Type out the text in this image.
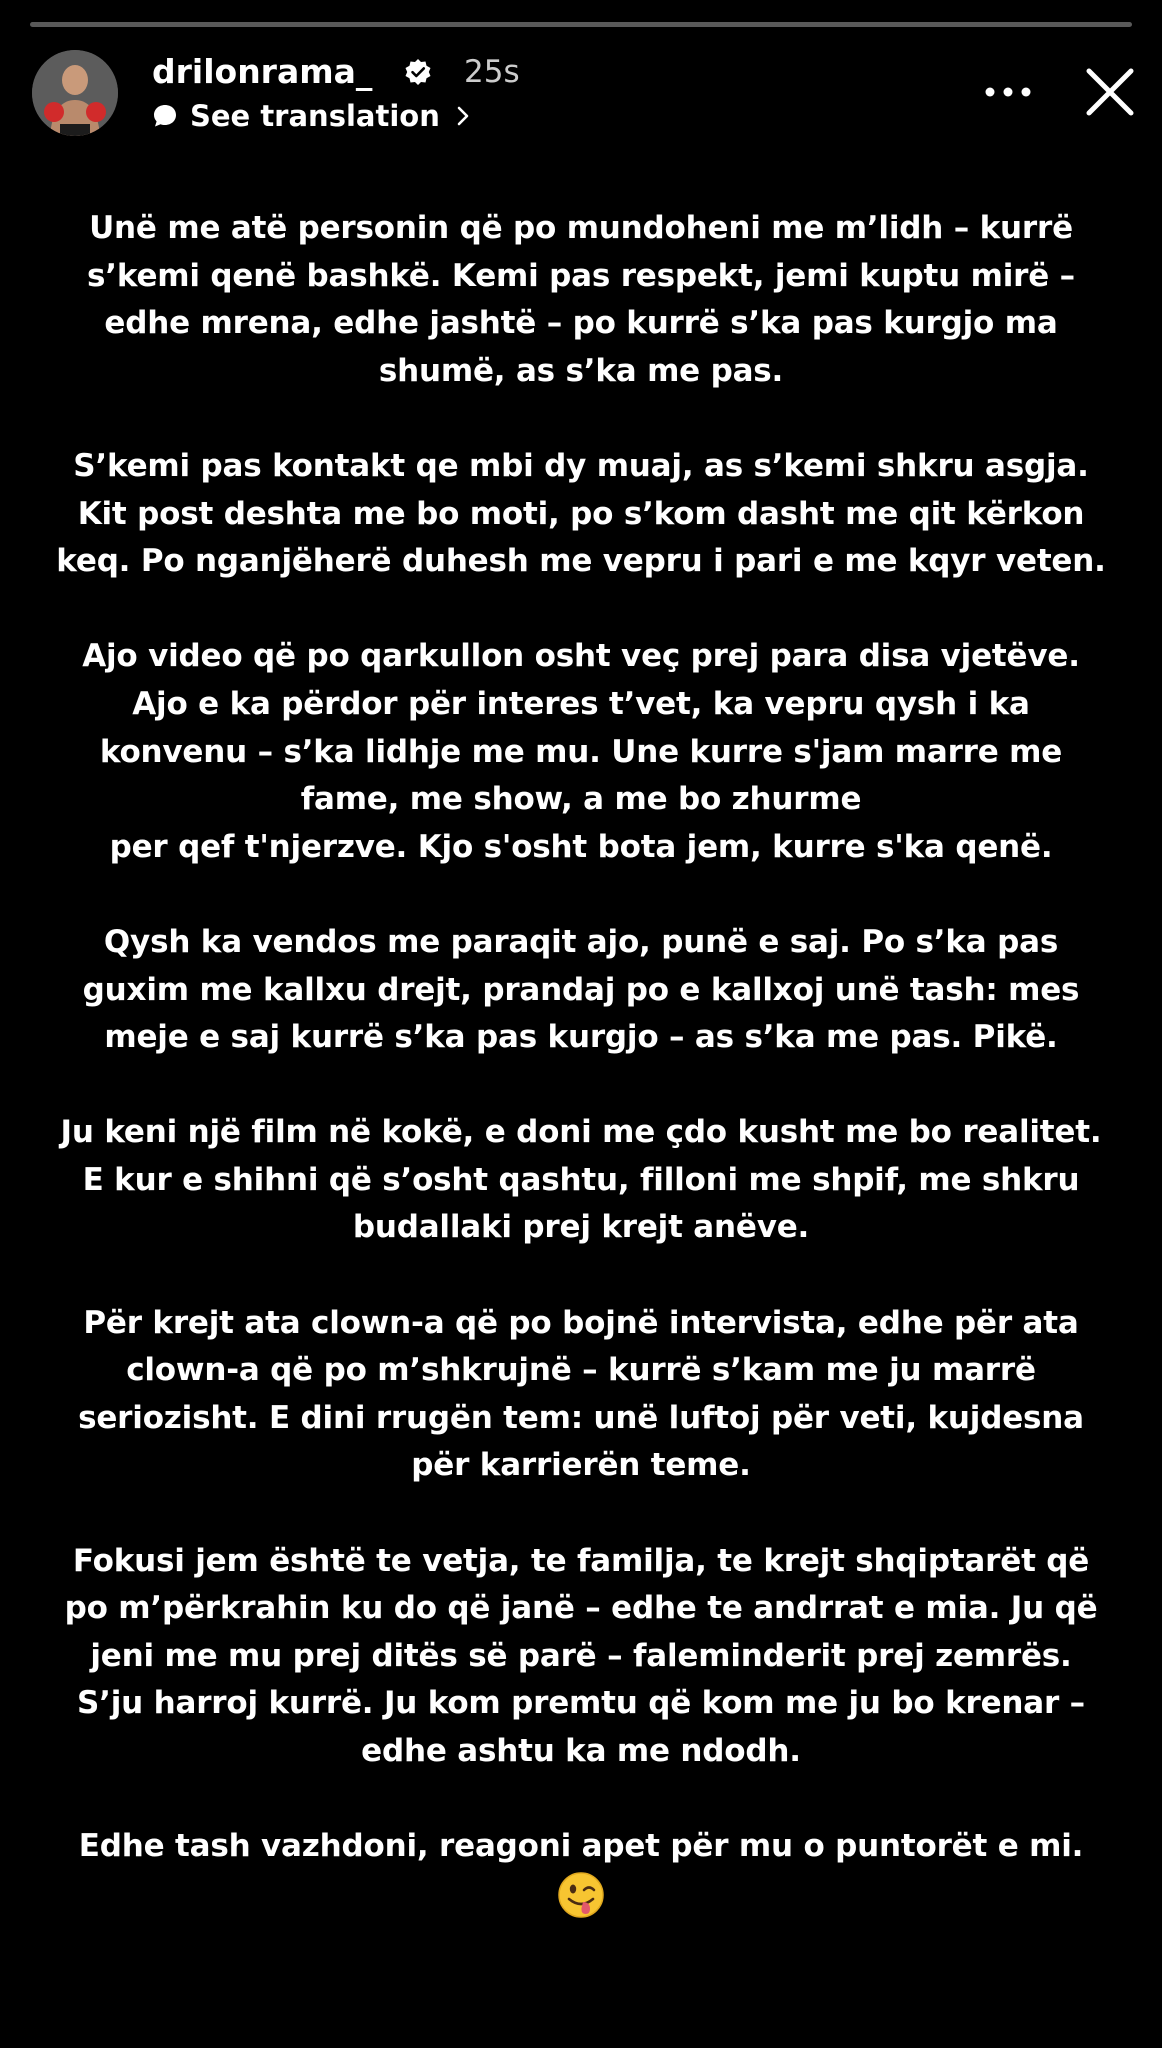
drilonrama_	25s
See translation
Unë me atë personin që po mundoheni me m’lidh – kurrë
s’kemi qenë bashkë. Kemi pas respekt, jemi kuptu mirë –
edhe mrena, edhe jashtë – po kurrë s’ka pas kurgjo ma
shumë, as s’ka me pas.
S’kemi pas kontakt qe mbi dy muaj, as s’kemi shkru asgja.
Kit post deshta me bo moti, po s’kom dasht me qit kërkon
keq. Po nganjëherë duhesh me vepru i pari e me kqyr veten.
Ajo video që po qarkullon osht veç prej para disa vjetëve.
Ajo e ka përdor për interes t’vet, ka vepru qysh i ka
konvenu – s’ka lidhje me mu. Une kurre s'jam marre me
fame, me show, a me bo zhurme
per qef t'njerzve. Kjo s'osht bota jem, kurre s'ka qenë.
Qysh ka vendos me paraqit ajo, punë e saj. Po s’ka pas
guxim me kallxu drejt, prandaj po e kallxoj unë tash: mes
meje e saj kurrë s’ka pas kurgjo – as s’ka me pas. Pikë.
Ju keni një film në kokë, e doni me çdo kusht me bo realitet.
E kur e shihni që s’osht qashtu, filloni me shpif, me shkru
budallaki prej krejt anëve.
Për krejt ata clown-a që po bojnë intervista, edhe për ata
clown-a që po m’shkrujnë – kurrë s’kam me ju marrë
seriozisht. E dini rrugën tem: unë luftoj për veti, kujdesna
për karrierën teme.
Fokusi jem është te vetja, te familja, te krejt shqiptarët që
po m’përkrahin ku do që janë – edhe te andrrat e mia. Ju që
jeni me mu prej ditës së parë – faleminderit prej zemrës.
S’ju harroj kurrë. Ju kom premtu që kom me ju bo krenar –
edhe ashtu ka me ndodh.
Edhe tash vazhdoni, reagoni apet për mu o puntorët e mi.
